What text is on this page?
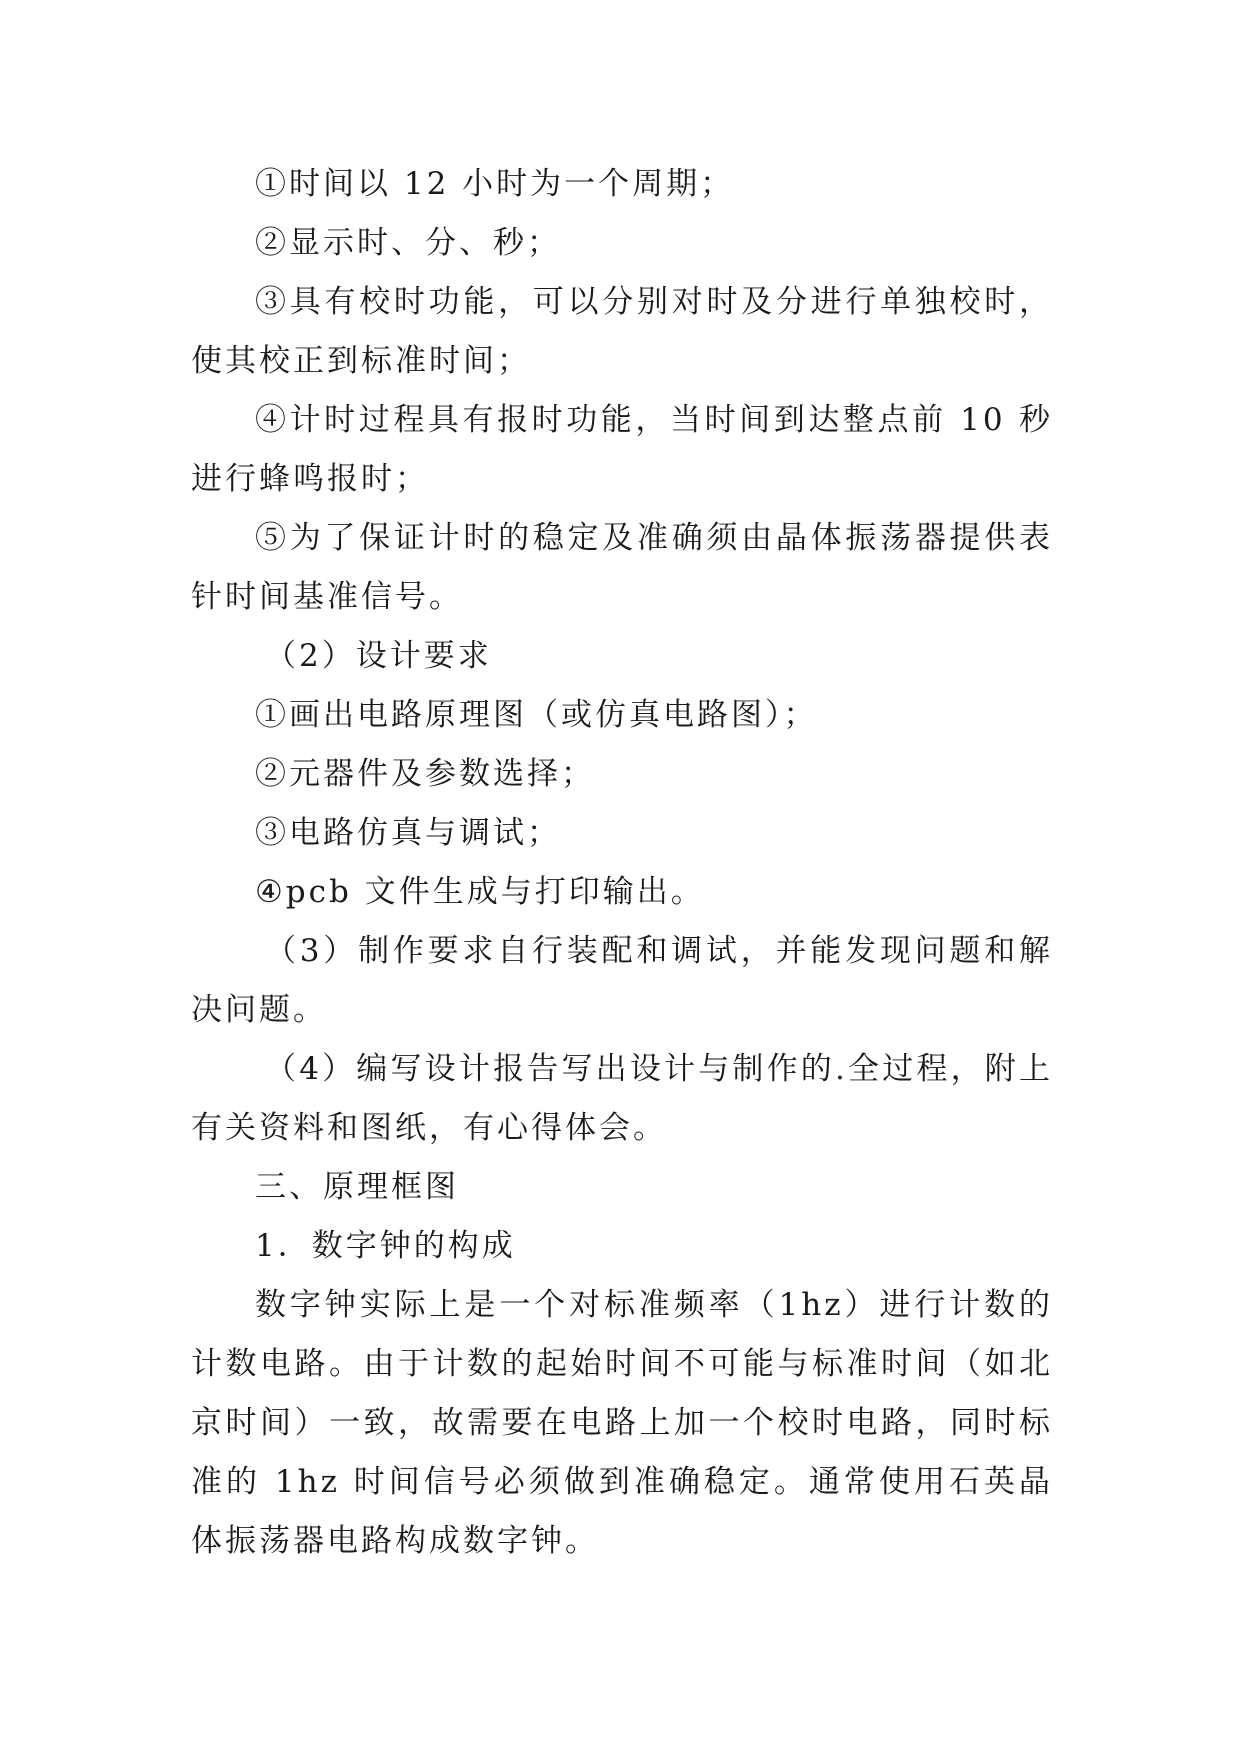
①时间以 12 小时为一个周期；

②显示时、分、秒；

③具有校时功能，可以分别对时及分进行单独校时，使其校正到标准时间；

④计时过程具有报时功能，当时间到达整点前 10 秒进行蜂鸣报时；

⑤为了保证计时的稳定及准确须由晶体振荡器提供表针时间基准信号。

（2）设计要求

①画出电路原理图（或仿真电路图）；

②元器件及参数选择；

③电路仿真与调试；

④pcb 文件生成与打印输出。

（3）制作要求自行装配和调试，并能发现问题和解决问题。

（4）编写设计报告写出设计与制作的.全过程，附上有关资料和图纸，有心得体会。

三、原理框图

1．数字钟的构成

数字钟实际上是一个对标准频率（1hz）进行计数的计数电路。由于计数的起始时间不可能与标准时间（如北京时间）一致，故需要在电路上加一个校时电路，同时标准的 1hz 时间信号必须做到准确稳定。通常使用石英晶体振荡器电路构成数字钟。
